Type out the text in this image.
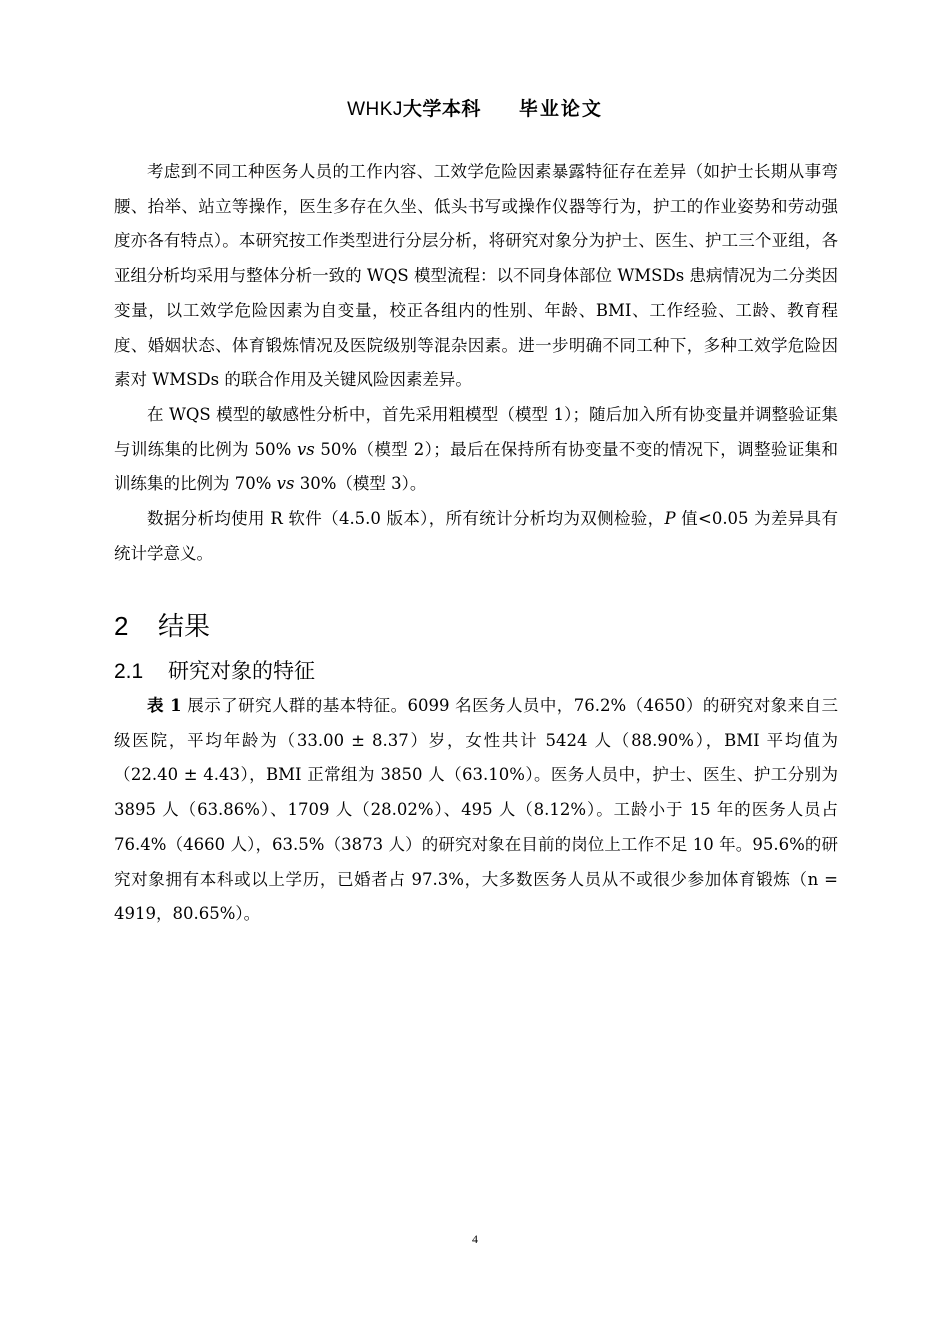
WHKJ大学本科 毕业论文

考虑到不同工种医务人员的工作内容、工效学危险因素暴露特征存在差异（如护士长期从事弯腰、抬举、站立等操作，医生多存在久坐、低头书写或操作仪器等行为，护工的作业姿势和劳动强度亦各有特点）。本研究按工作类型进行分层分析，将研究对象分为护士、医生、护工三个亚组，各亚组分析均采用与整体分析一致的 WQS 模型流程：以不同身体部位 WMSDs 患病情况为二分类因变量，以工效学危险因素为自变量，校正各组内的性别、年龄、BMI、工作经验、工龄、教育程度、婚姻状态、体育锻炼情况及医院级别等混杂因素。进一步明确不同工种下，多种工效学危险因素对 WMSDs 的联合作用及关键风险因素差异。

在 WQS 模型的敏感性分析中，首先采用粗模型（模型 1）；随后加入所有协变量并调整验证集与训练集的比例为 50% vs 50%（模型 2）；最后在保持所有协变量不变的情况下，调整验证集和训练集的比例为 70% vs 30%（模型 3）。

数据分析均使用 R 软件（4.5.0 版本），所有统计分析均为双侧检验，P 值<0.05 为差异具有统计学意义。

2 结果
2.1 研究对象的特征

表 1 展示了研究人群的基本特征。6099 名医务人员中，76.2%（4650）的研究对象来自三级医院，平均年龄为（33.00 ± 8.37）岁，女性共计 5424 人（88.90%），BMI 平均值为（22.40 ± 4.43），BMI 正常组为 3850 人（63.10%）。医务人员中，护士、医生、护工分别为 3895 人（63.86%）、1709 人（28.02%）、495 人（8.12%）。工龄小于 15 年的医务人员占 76.4%（4660 人），63.5%（3873 人）的研究对象在目前的岗位上工作不足 10 年。95.6%的研究对象拥有本科或以上学历，已婚者占 97.3%，大多数医务人员从不或很少参加体育锻炼（n = 4919，80.65%）。

4
